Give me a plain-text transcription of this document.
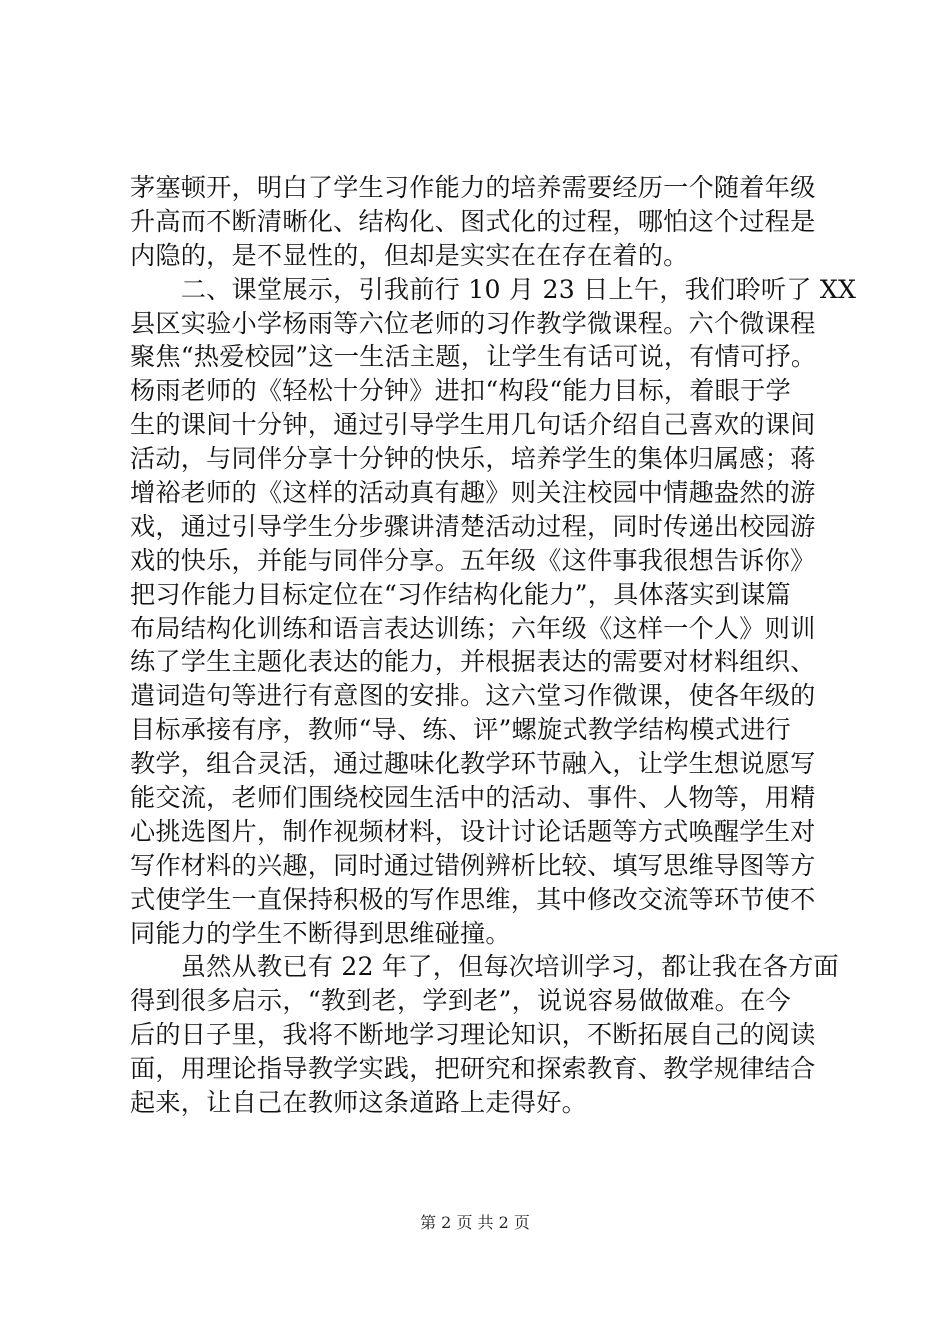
茅塞顿开，明白了学生习作能力的培养需要经历一个随着年级
升高而不断清晰化、结构化、图式化的过程，哪怕这个过程是
内隐的，是不显性的，但却是实实在在存在着的。
　　二、课堂展示，引我前行 10 月 23 日上午，我们聆听了 XX
县区实验小学杨雨等六位老师的习作教学微课程。六个微课程
聚焦“热爱校园”这一生活主题，让学生有话可说，有情可抒。
杨雨老师的《轻松十分钟》进扣“构段“能力目标，着眼于学
生的课间十分钟，通过引导学生用几句话介绍自己喜欢的课间
活动，与同伴分享十分钟的快乐，培养学生的集体归属感；蒋
增裕老师的《这样的活动真有趣》则关注校园中情趣盎然的游
戏，通过引导学生分步骤讲清楚活动过程，同时传递出校园游
戏的快乐，并能与同伴分享。五年级《这件事我很想告诉你》
把习作能力目标定位在“习作结构化能力”，具体落实到谋篇
布局结构化训练和语言表达训练；六年级《这样一个人》则训
练了学生主题化表达的能力，并根据表达的需要对材料组织、
遣词造句等进行有意图的安排。这六堂习作微课，使各年级的
目标承接有序，教师“导、练、评”螺旋式教学结构模式进行
教学，组合灵活，通过趣味化教学环节融入，让学生想说愿写
能交流，老师们围绕校园生活中的活动、事件、人物等，用精
心挑选图片，制作视频材料，设计讨论话题等方式唤醒学生对
写作材料的兴趣，同时通过错例辨析比较、填写思维导图等方
式使学生一直保持积极的写作思维，其中修改交流等环节使不
同能力的学生不断得到思维碰撞。
　　虽然从教已有 22 年了，但每次培训学习，都让我在各方面
得到很多启示，“教到老，学到老”，说说容易做做难。在今
后的日子里，我将不断地学习理论知识，不断拓展自己的阅读
面，用理论指导教学实践，把研究和探索教育、教学规律结合
起来，让自己在教师这条道路上走得好。
第 2 页 共 2 页
